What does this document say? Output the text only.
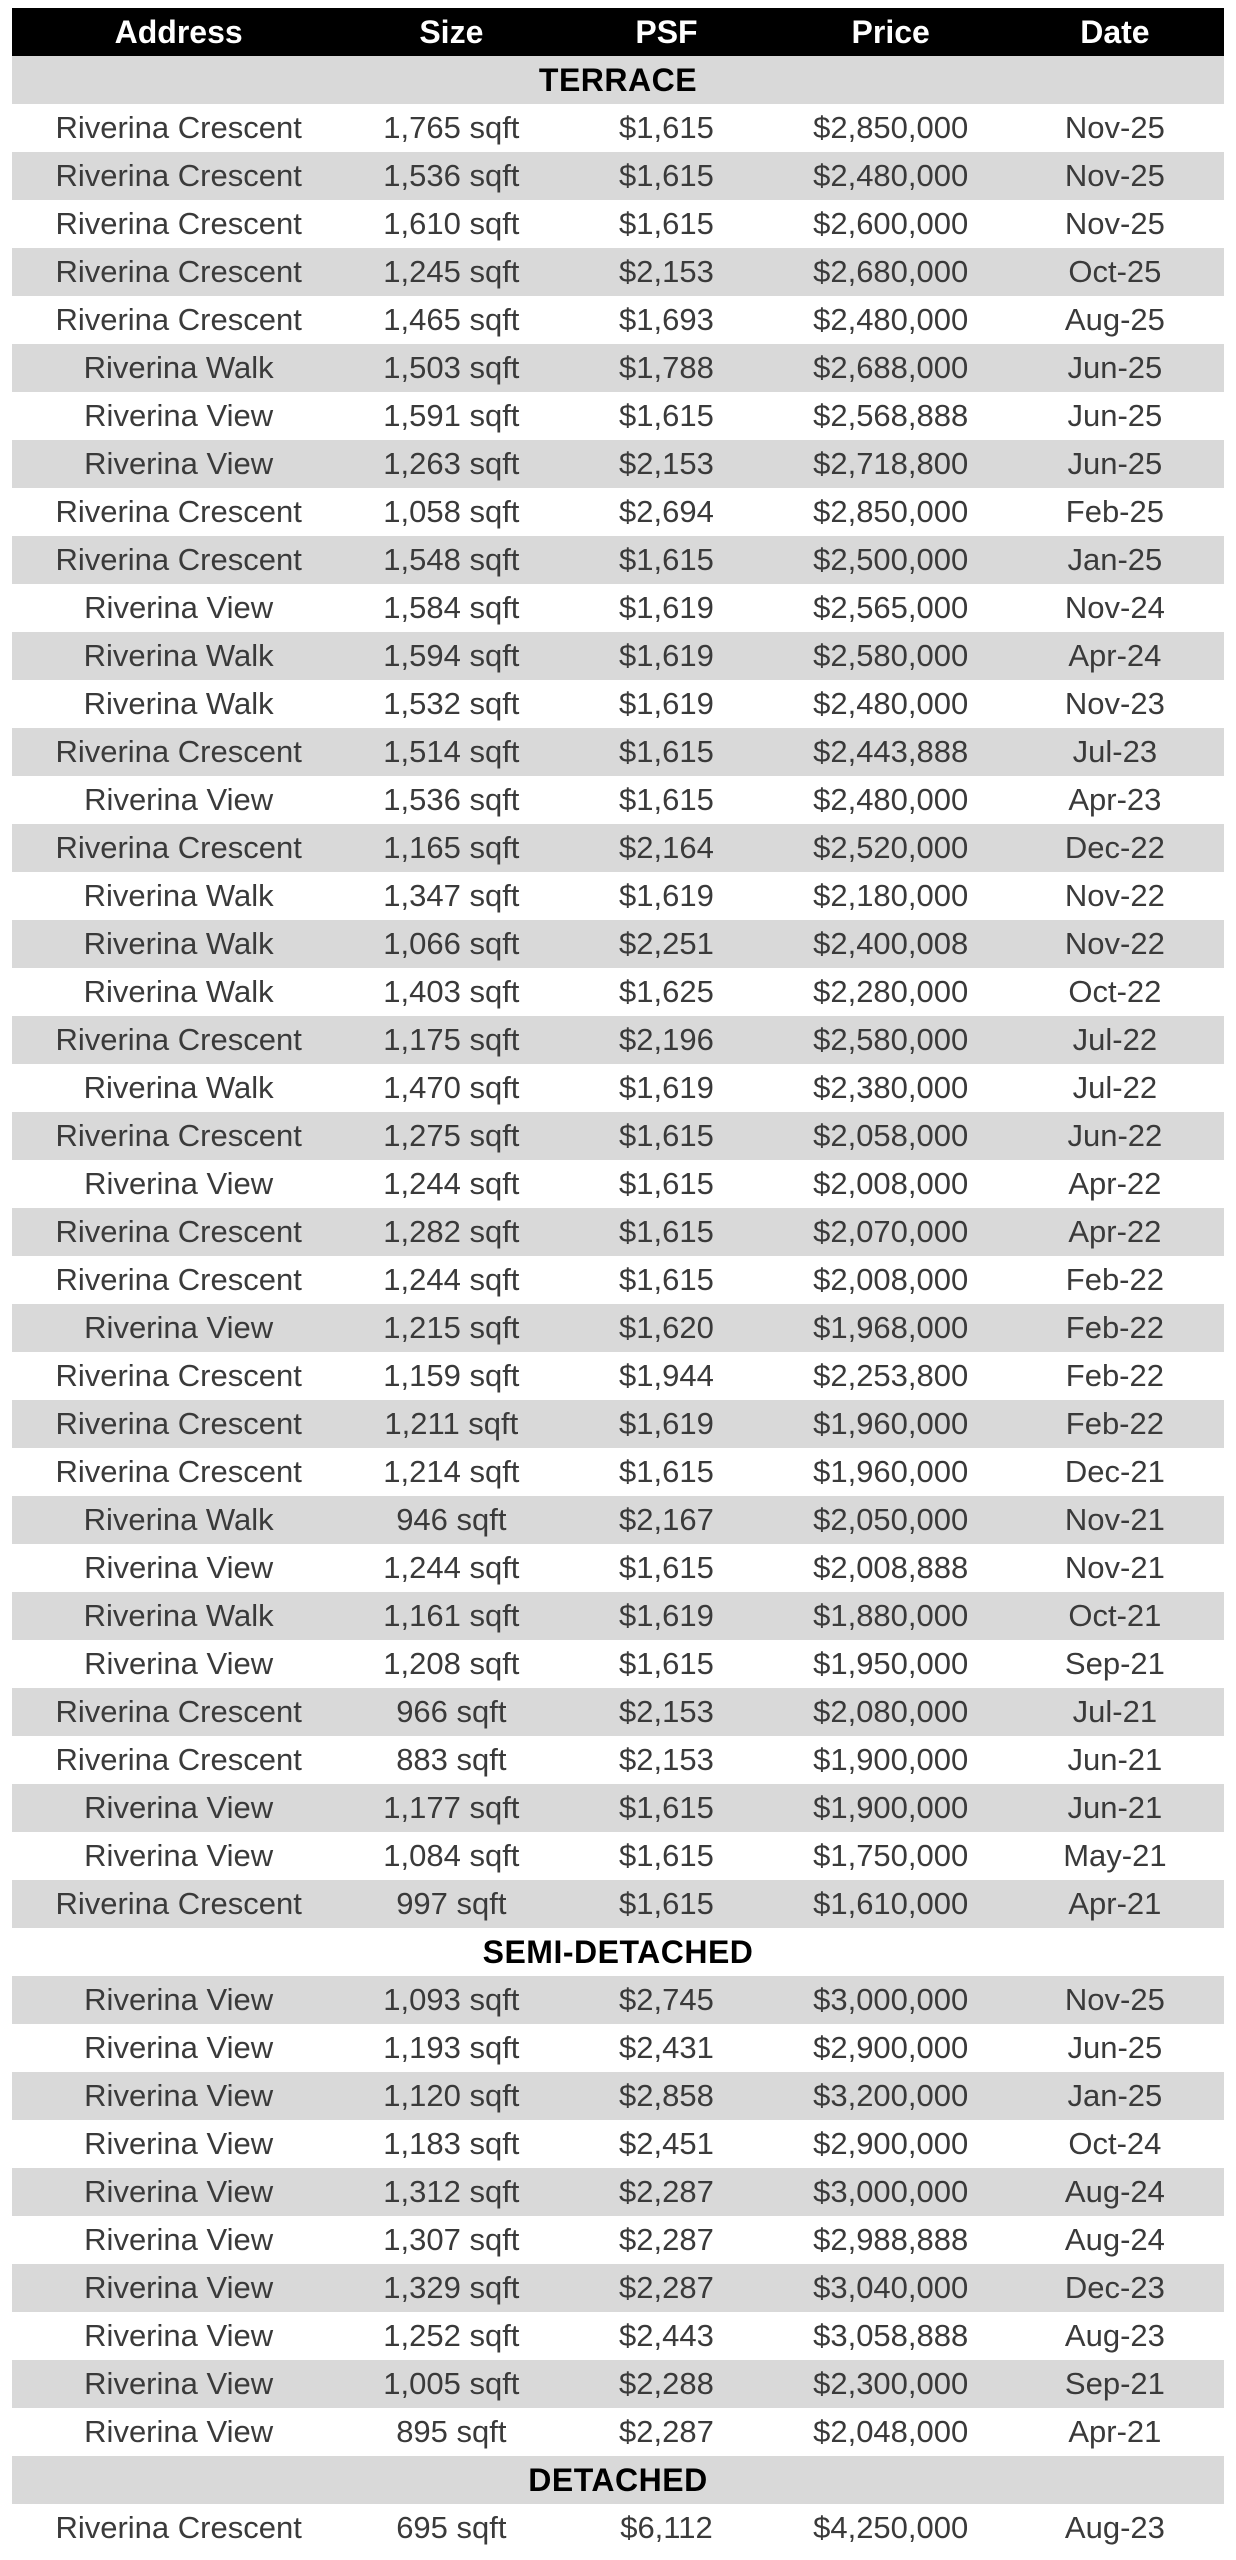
Address	Size	PSF	Price	Date
TERRACE
Riverina Crescent	1,765 sqft	$1,615	$2,850,000	Nov-25
Riverina Crescent	1,536 sqft	$1,615	$2,480,000	Nov-25
Riverina Crescent	1,610 sqft	$1,615	$2,600,000	Nov-25
Riverina Crescent	1,245 sqft	$2,153	$2,680,000	Oct-25
Riverina Crescent	1,465 sqft	$1,693	$2,480,000	Aug-25
Riverina Walk	1,503 sqft	$1,788	$2,688,000	Jun-25
Riverina View	1,591 sqft	$1,615	$2,568,888	Jun-25
Riverina View	1,263 sqft	$2,153	$2,718,800	Jun-25
Riverina Crescent	1,058 sqft	$2,694	$2,850,000	Feb-25
Riverina Crescent	1,548 sqft	$1,615	$2,500,000	Jan-25
Riverina View	1,584 sqft	$1,619	$2,565,000	Nov-24
Riverina Walk	1,594 sqft	$1,619	$2,580,000	Apr-24
Riverina Walk	1,532 sqft	$1,619	$2,480,000	Nov-23
Riverina Crescent	1,514 sqft	$1,615	$2,443,888	Jul-23
Riverina View	1,536 sqft	$1,615	$2,480,000	Apr-23
Riverina Crescent	1,165 sqft	$2,164	$2,520,000	Dec-22
Riverina Walk	1,347 sqft	$1,619	$2,180,000	Nov-22
Riverina Walk	1,066 sqft	$2,251	$2,400,008	Nov-22
Riverina Walk	1,403 sqft	$1,625	$2,280,000	Oct-22
Riverina Crescent	1,175 sqft	$2,196	$2,580,000	Jul-22
Riverina Walk	1,470 sqft	$1,619	$2,380,000	Jul-22
Riverina Crescent	1,275 sqft	$1,615	$2,058,000	Jun-22
Riverina View	1,244 sqft	$1,615	$2,008,000	Apr-22
Riverina Crescent	1,282 sqft	$1,615	$2,070,000	Apr-22
Riverina Crescent	1,244 sqft	$1,615	$2,008,000	Feb-22
Riverina View	1,215 sqft	$1,620	$1,968,000	Feb-22
Riverina Crescent	1,159 sqft	$1,944	$2,253,800	Feb-22
Riverina Crescent	1,211 sqft	$1,619	$1,960,000	Feb-22
Riverina Crescent	1,214 sqft	$1,615	$1,960,000	Dec-21
Riverina Walk	946 sqft	$2,167	$2,050,000	Nov-21
Riverina View	1,244 sqft	$1,615	$2,008,888	Nov-21
Riverina Walk	1,161 sqft	$1,619	$1,880,000	Oct-21
Riverina View	1,208 sqft	$1,615	$1,950,000	Sep-21
Riverina Crescent	966 sqft	$2,153	$2,080,000	Jul-21
Riverina Crescent	883 sqft	$2,153	$1,900,000	Jun-21
Riverina View	1,177 sqft	$1,615	$1,900,000	Jun-21
Riverina View	1,084 sqft	$1,615	$1,750,000	May-21
Riverina Crescent	997 sqft	$1,615	$1,610,000	Apr-21
SEMI-DETACHED
Riverina View	1,093 sqft	$2,745	$3,000,000	Nov-25
Riverina View	1,193 sqft	$2,431	$2,900,000	Jun-25
Riverina View	1,120 sqft	$2,858	$3,200,000	Jan-25
Riverina View	1,183 sqft	$2,451	$2,900,000	Oct-24
Riverina View	1,312 sqft	$2,287	$3,000,000	Aug-24
Riverina View	1,307 sqft	$2,287	$2,988,888	Aug-24
Riverina View	1,329 sqft	$2,287	$3,040,000	Dec-23
Riverina View	1,252 sqft	$2,443	$3,058,888	Aug-23
Riverina View	1,005 sqft	$2,288	$2,300,000	Sep-21
Riverina View	895 sqft	$2,287	$2,048,000	Apr-21
DETACHED
Riverina Crescent	695 sqft	$6,112	$4,250,000	Aug-23
